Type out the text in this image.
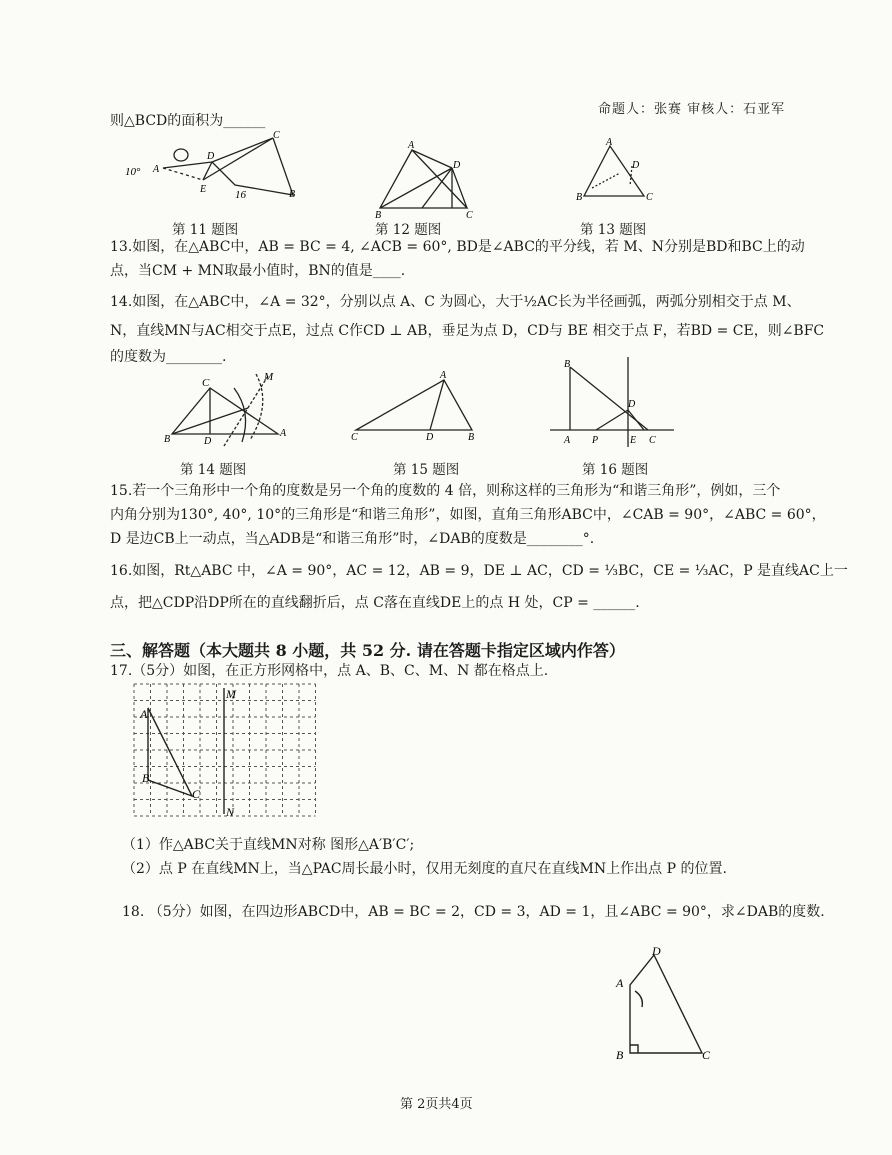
则△BCD的面积为______
命题人：张赛 审核人：石亚军
10° A
D
E
C
B
16
第 11 题图
A
D
B	C
第 12 题图
A
D
B	C
第 13 题图
13.如图，在△ABC中，AB = BC = 4, ∠ACB = 60°, BD是∠ABC的平分线，若 M、N分别是BD和BC上的动
点，当CM + MN取最小值时，BN的值是____.
14.如图，在△ABC中，∠A = 32°，分别以点 A、C 为圆心，大于½AC长为半径画弧，两弧分别相交于点 M、
N，直线MN与AC相交于点E，过点 C作CD ⊥ AB，垂足为点 D，CD与 BE 相交于点 F，若BD = CE，则∠BFC
的度数为________.
C	M
B	D
A
第 14 题图
A
C	D	B
第 15 题图
B
D
A P	E C
第 16 题图
15.若一个三角形中一个角的度数是另一个角的度数的 4 倍，则称这样的三角形为“和谐三角形”，例如，三个
内角分别为130°, 40°, 10°的三角形是“和谐三角形”，如图，直角三角形ABC中，∠CAB = 90°，∠ABC = 60°，
D 是边CB上一动点，当△ADB是“和谐三角形”时，∠DAB的度数是________°.
16.如图，Rt△ABC 中，∠A = 90°，AC = 12，AB = 9，DE ⊥ AC，CD = ⅓BC，CE = ⅓AC，P 是直线AC上一
点，把△CDP沿DP所在的直线翻折后，点 C落在直线DE上的点 H 处，CP = ______.
三、解答题（本大题共 8 小题，共 52 分. 请在答题卡指定区域内作答）
17.（5分）如图，在正方形网格中，点 A、B、C、M、N 都在格点上.
A
M
B
C
N
（1）作△ABC关于直线MN对称 图形△A′B′C′;
（2）点 P 在直线MN上，当△PAC周长最小时，仅用无刻度的直尺在直线MN上作出点 P 的位置.
18. （5分）如图，在四边形ABCD中，AB = BC = 2，CD = 3，AD = 1，且∠ABC = 90°，求∠DAB的度数.
D
A
B	C
第 2页共4页
